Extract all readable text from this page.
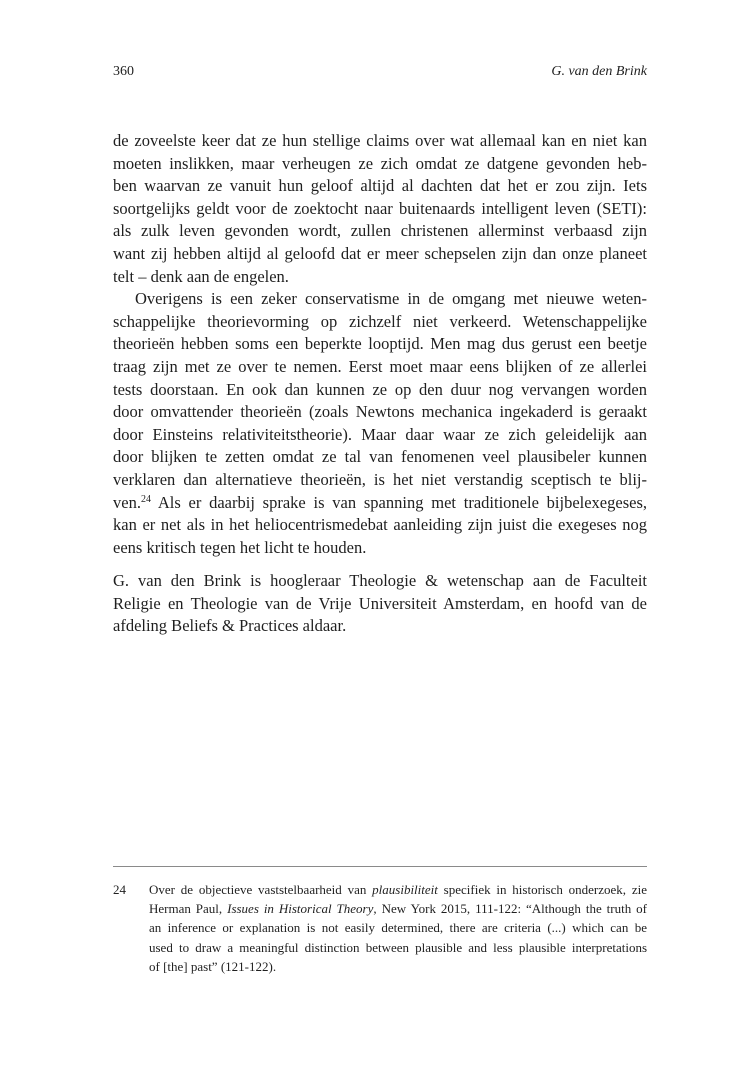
360	G. van den Brink
de zoveelste keer dat ze hun stellige claims over wat allemaal kan en niet kan
moeten inslikken, maar verheugen ze zich omdat ze datgene gevonden heb-
ben waarvan ze vanuit hun geloof altijd al dachten dat het er zou zijn. Iets
soortgelijks geldt voor de zoektocht naar buitenaards intelligent leven (SETI):
als zulk leven gevonden wordt, zullen christenen allerminst verbaasd zijn
want zij hebben altijd al geloofd dat er meer schepselen zijn dan onze planeet
telt – denk aan de engelen.
Overigens is een zeker conservatisme in de omgang met nieuwe weten-
schappelijke theorievorming op zichzelf niet verkeerd. Wetenschappelijke
theorieën hebben soms een beperkte looptijd. Men mag dus gerust een beetje
traag zijn met ze over te nemen. Eerst moet maar eens blijken of ze allerlei
tests doorstaan. En ook dan kunnen ze op den duur nog vervangen worden
door omvattender theorieën (zoals Newtons mechanica ingekaderd is geraakt
door Einsteins relativiteitstheorie). Maar daar waar ze zich geleidelijk aan
door blijken te zetten omdat ze tal van fenomenen veel plausibeler kunnen
verklaren dan alternatieve theorieën, is het niet verstandig sceptisch te blij-
ven.$^{24}$ Als er daarbij sprake is van spanning met traditionele bijbelexegeses,
kan er net als in het heliocentrismedebat aanleiding zijn juist die exegeses nog
eens kritisch tegen het licht te houden.
G. van den Brink is hoogleraar Theologie & wetenschap aan de Faculteit
Religie en Theologie van de Vrije Universiteit Amsterdam, en hoofd van de
afdeling Beliefs & Practices aldaar.
24 Over de objectieve vaststelbaarheid van plausibiliteit specifiek in historisch onderzoek, zie
Herman Paul, Issues in Historical Theory, New York 2015, 111-122: “Although the truth of
an inference or explanation is not easily determined, there are criteria (...) which can be
used to draw a meaningful distinction between plausible and less plausible interpretations
of [the] past” (121-122).
